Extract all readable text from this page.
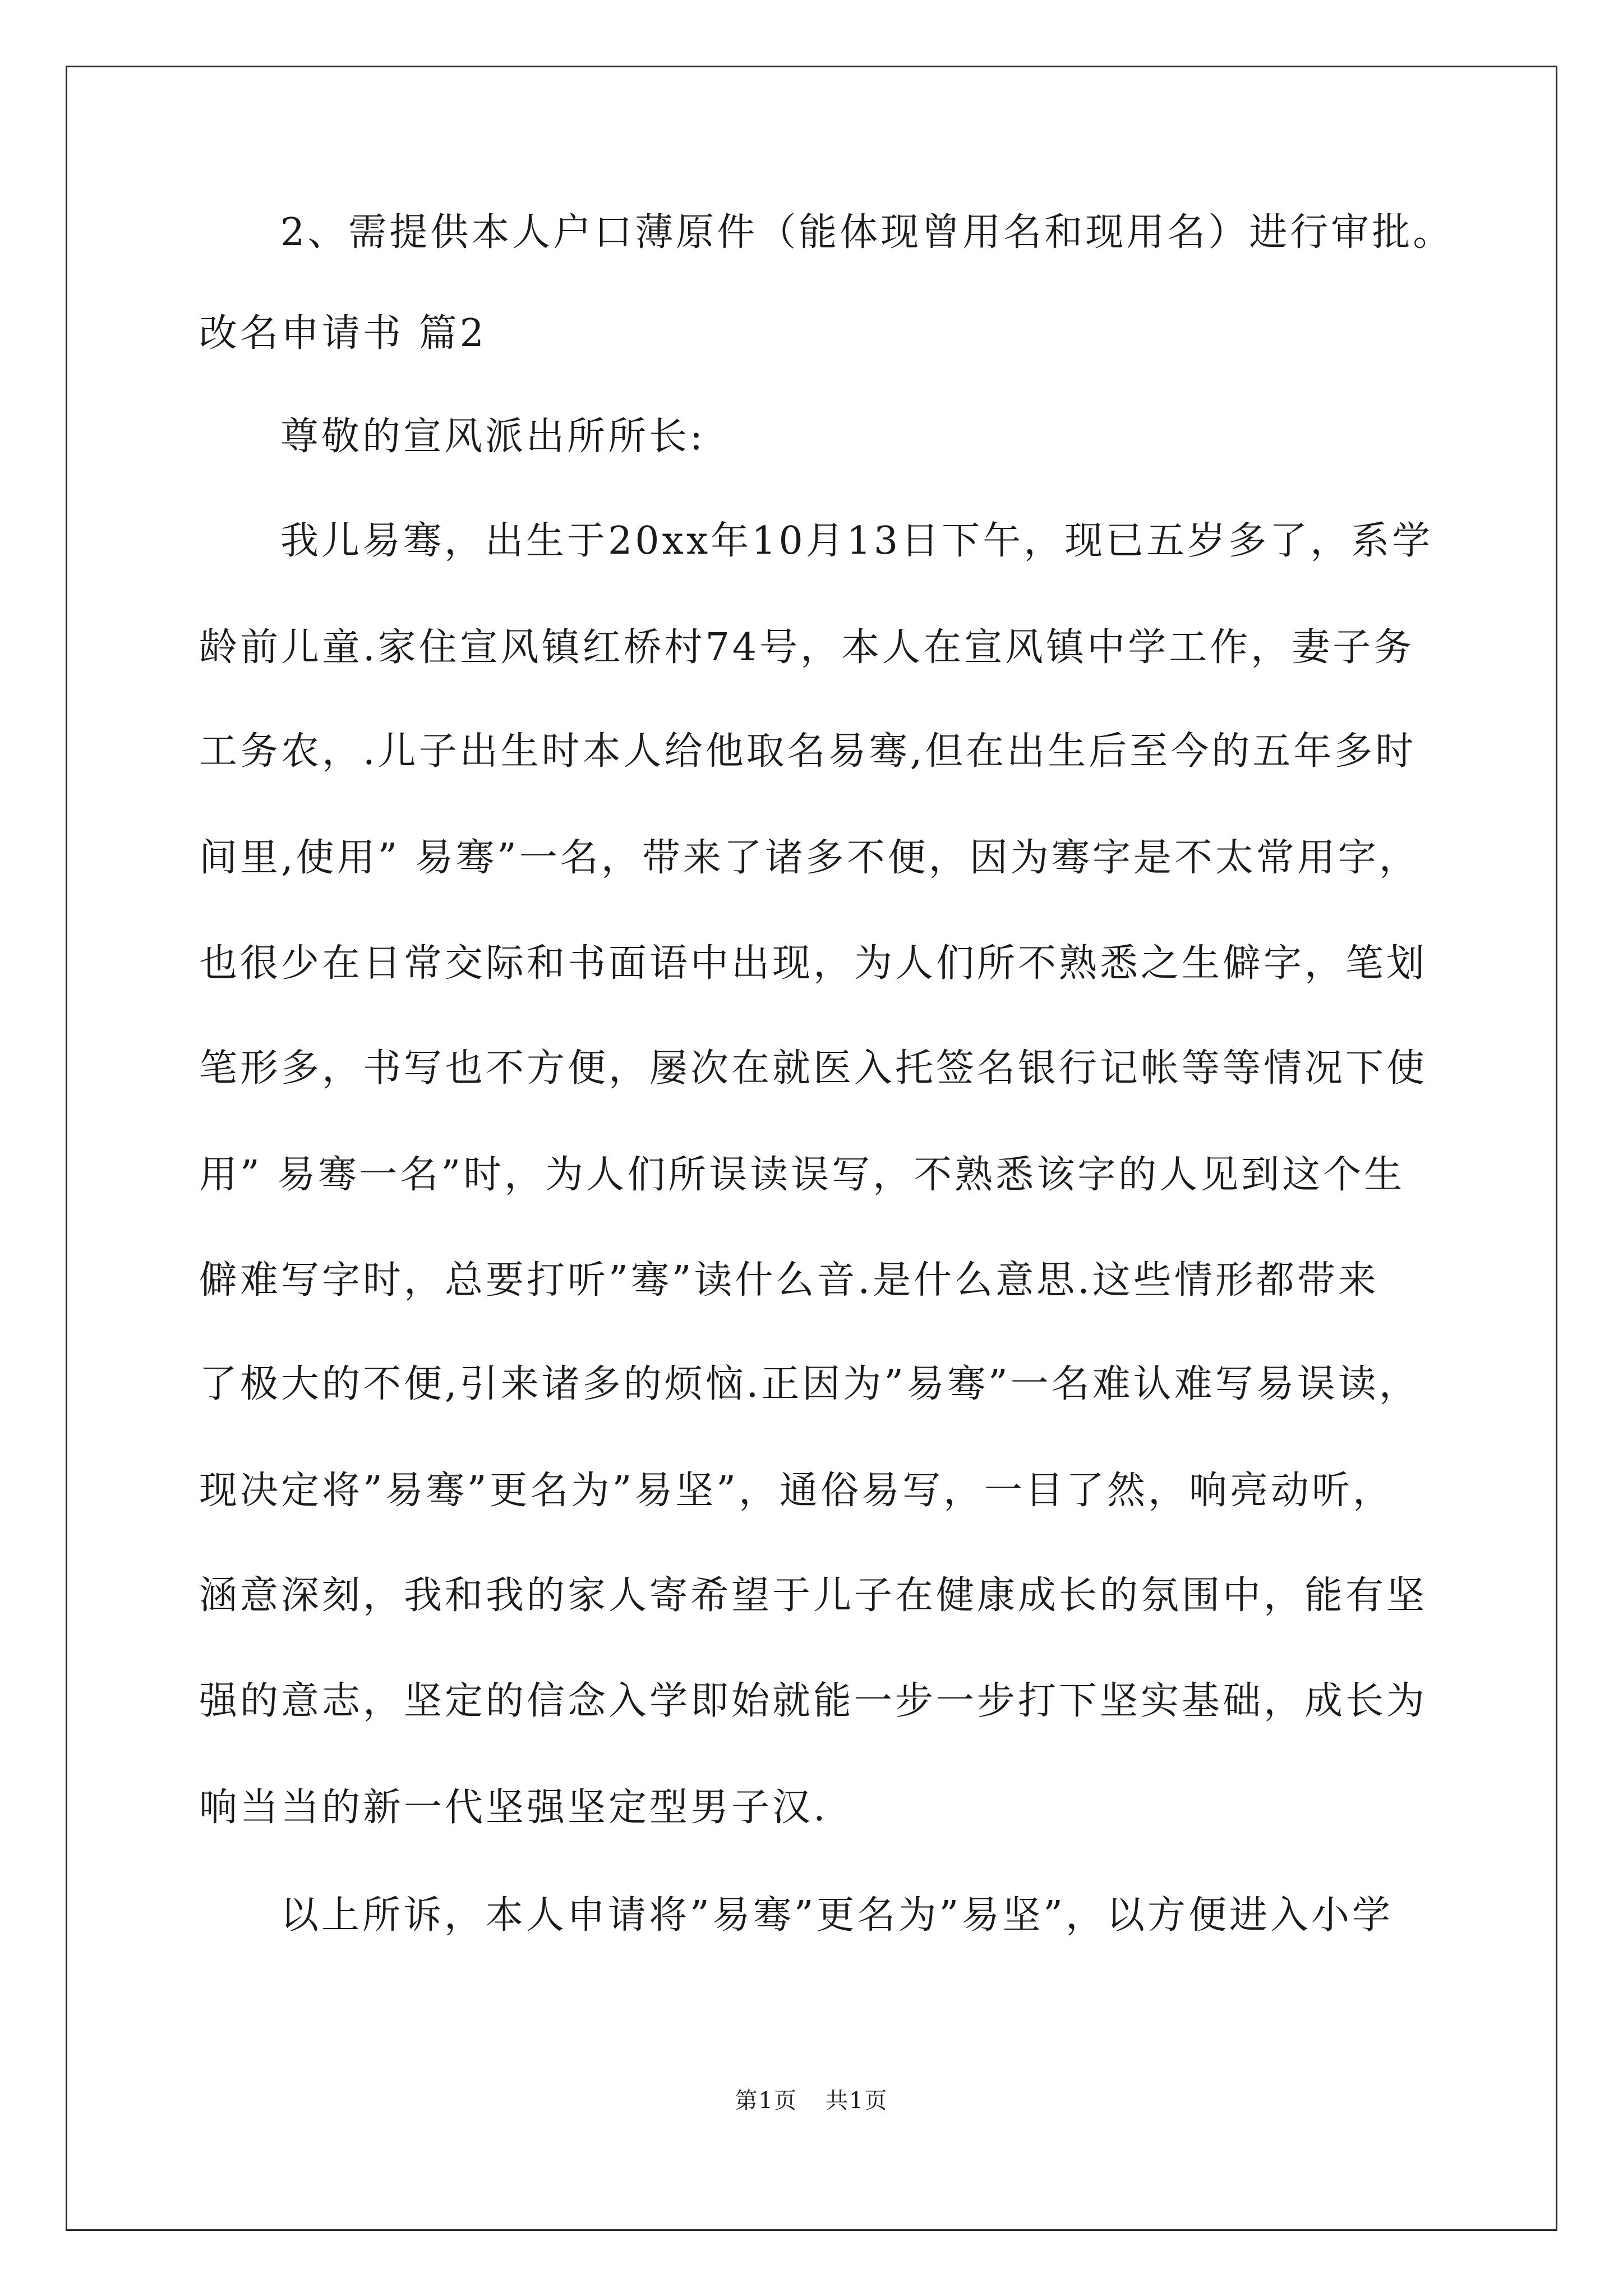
2、需提供本人户口薄原件（能体现曾用名和现用名）进行审批。
改名申请书 篇2
尊敬的宣风派出所所长:
我儿易骞，出生于20xx年10月13日下午，现已五岁多了，系学
龄前儿童.家住宣风镇红桥村74号，本人在宣风镇中学工作，妻子务
工务农，.儿子出生时本人给他取名易骞,但在出生后至今的五年多时
间里,使用” 易骞”一名，带来了诸多不便，因为骞字是不太常用字，
也很少在日常交际和书面语中出现，为人们所不熟悉之生僻字，笔划
笔形多，书写也不方便，屡次在就医入托签名银行记帐等等情况下使
用” 易骞一名”时，为人们所误读误写，不熟悉该字的人见到这个生
僻难写字时，总要打听”骞”读什么音.是什么意思.这些情形都带来
了极大的不便,引来诸多的烦恼.正因为”易骞”一名难认难写易误读，
现决定将”易骞”更名为”易坚”，通俗易写，一目了然，响亮动听，
涵意深刻，我和我的家人寄希望于儿子在健康成长的氛围中，能有坚
强的意志，坚定的信念入学即始就能一步一步打下坚实基础，成长为
响当当的新一代坚强坚定型男子汉.
以上所诉，本人申请将”易骞”更名为”易坚”，以方便进入小学
第1页 共1页
